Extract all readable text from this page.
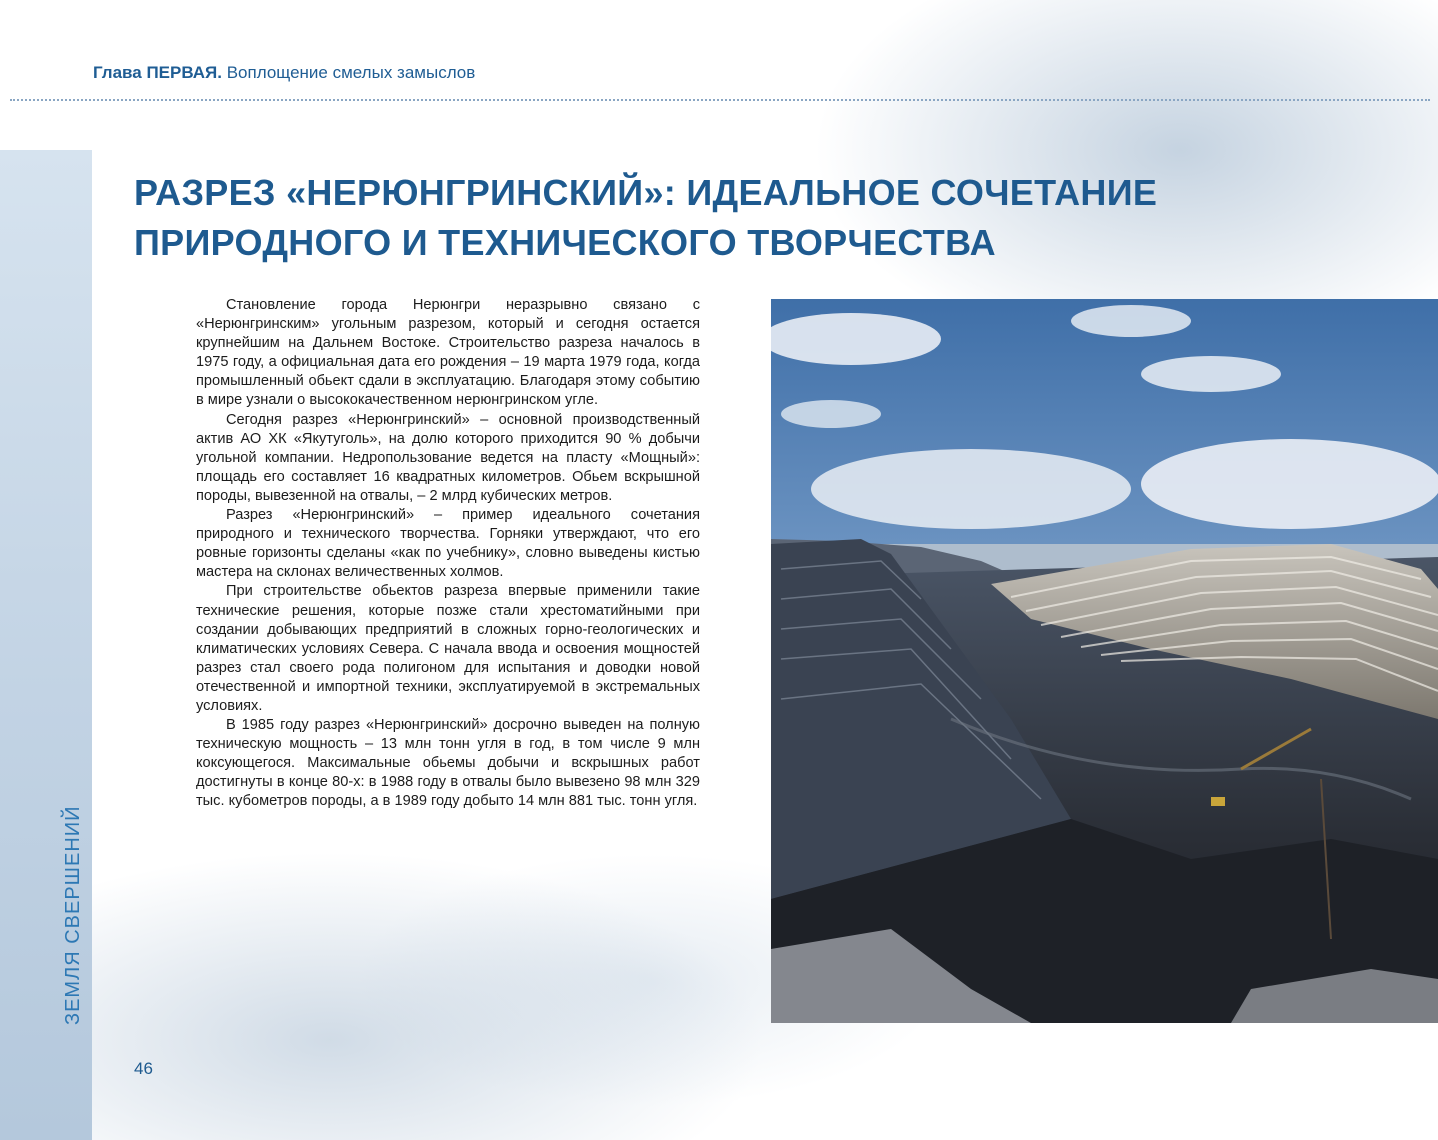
Глава ПЕРВАЯ. Воплощение смелых замыслов
РАЗРЕЗ «НЕРЮНГРИНСКИЙ»: ИДЕАЛЬНОЕ СОЧЕТАНИЕ ПРИРОДНОГО И ТЕХНИЧЕСКОГО ТВОРЧЕСТВА

Становление города Нерюнгри неразрывно связано с «Нерюнгринским» угольным разрезом, который и сегодня остается крупнейшим на Дальнем Востоке. Строительство разреза началось в 1975 году, а официальная дата его рождения – 19 марта 1979 года, когда промышленный обьект сдали в эксплуатацию. Благодаря этому событию в мире узнали о высококачественном нерюнгринском угле.

Сегодня разрез «Нерюнгринский» – основной производственный актив АО ХК «Якутуголь», на долю которого приходится 90 % добычи угольной компании. Недропользование ведется на пласту «Мощный»: площадь его составляет 16 квадратных километров. Обьем вскрышной породы, вывезенной на отвалы, – 2 млрд кубических метров.

Разрез «Нерюнгринский» – пример идеального сочетания природного и технического творчества. Горняки утверждают, что его ровные горизонты сделаны «как по учебнику», словно выведены кистью мастера на склонах величественных холмов.

При строительстве обьектов разреза впервые применили такие технические решения, которые позже стали хрестоматийными при создании добывающих предприятий в сложных горно-геологических и климатических условиях Севера. С начала ввода и освоения мощностей разрез стал своего рода полигоном для испытания и доводки новой отечественной и импортной техники, эксплуатируемой в экстремальных условиях.

В 1985 году разрез «Нерюнгринский» досрочно выведен на полную техническую мощность – 13 млн тонн угля в год, в том числе 9 млн коксующегося. Максимальные обьемы добычи и вскрышных работ достигнуты в конце 80-х: в 1988 году в отвалы было вывезено 98 млн 329 тыс. кубометров породы, а в 1989 году добыто 14 млн 881 тыс. тонн угля.

ЗЕМЛЯ СВЕРШЕНИЙ
46
